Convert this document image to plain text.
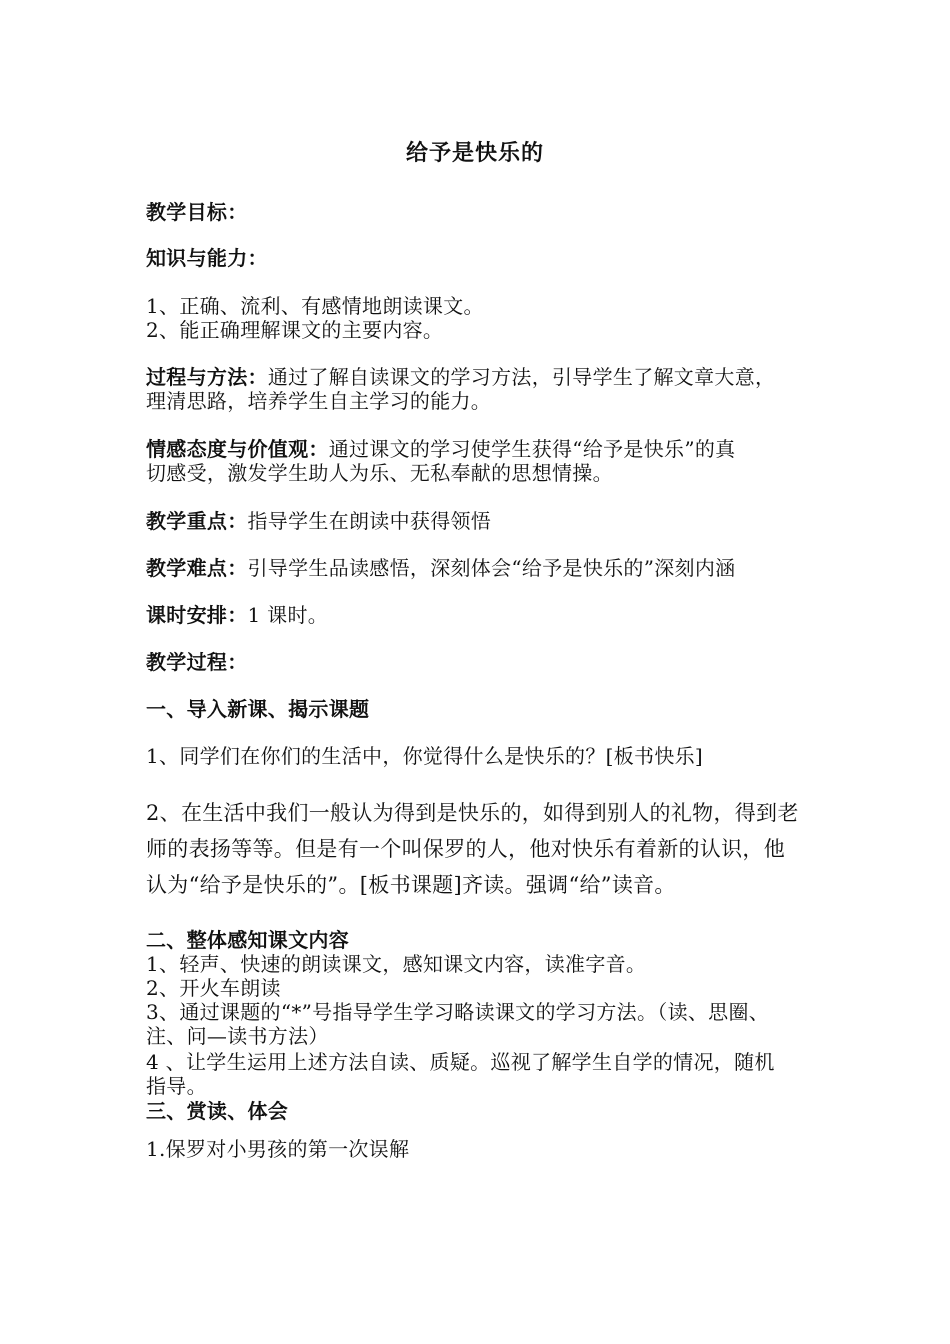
给予是快乐的
教学目标：
知识与能力：
1、正确、流利、有感情地朗读课文。
2、能正确理解课文的主要内容。
过程与方法：通过了解自读课文的学习方法，引导学生了解文章大意，
理清思路，培养学生自主学习的能力。
情感态度与价值观：通过课文的学习使学生获得“给予是快乐”的真
切感受，激发学生助人为乐、无私奉献的思想情操。
教学重点：指导学生在朗读中获得领悟
教学难点：引导学生品读感悟，深刻体会“给予是快乐的”深刻内涵
课时安排：1 课时。
教学过程：
一、导入新课、揭示课题
1、同学们在你们的生活中，你觉得什么是快乐的？[板书快乐]
2、在生活中我们一般认为得到是快乐的，如得到别人的礼物，得到老
师的表扬等等。但是有一个叫保罗的人，他对快乐有着新的认识，他
认为“给予是快乐的”。[板书课题]齐读。强调“给”读音。
二、整体感知课文内容
1、轻声、快速的朗读课文，感知课文内容，读准字音。
2、开火车朗读
3、通过课题的“*”号指导学生学习略读课文的学习方法。（读、思圈、
注、问—读书方法）
4 、让学生运用上述方法自读、质疑。巡视了解学生自学的情况，随机
指导。
三、赏读、体会
1.保罗对小男孩的第一次误解
